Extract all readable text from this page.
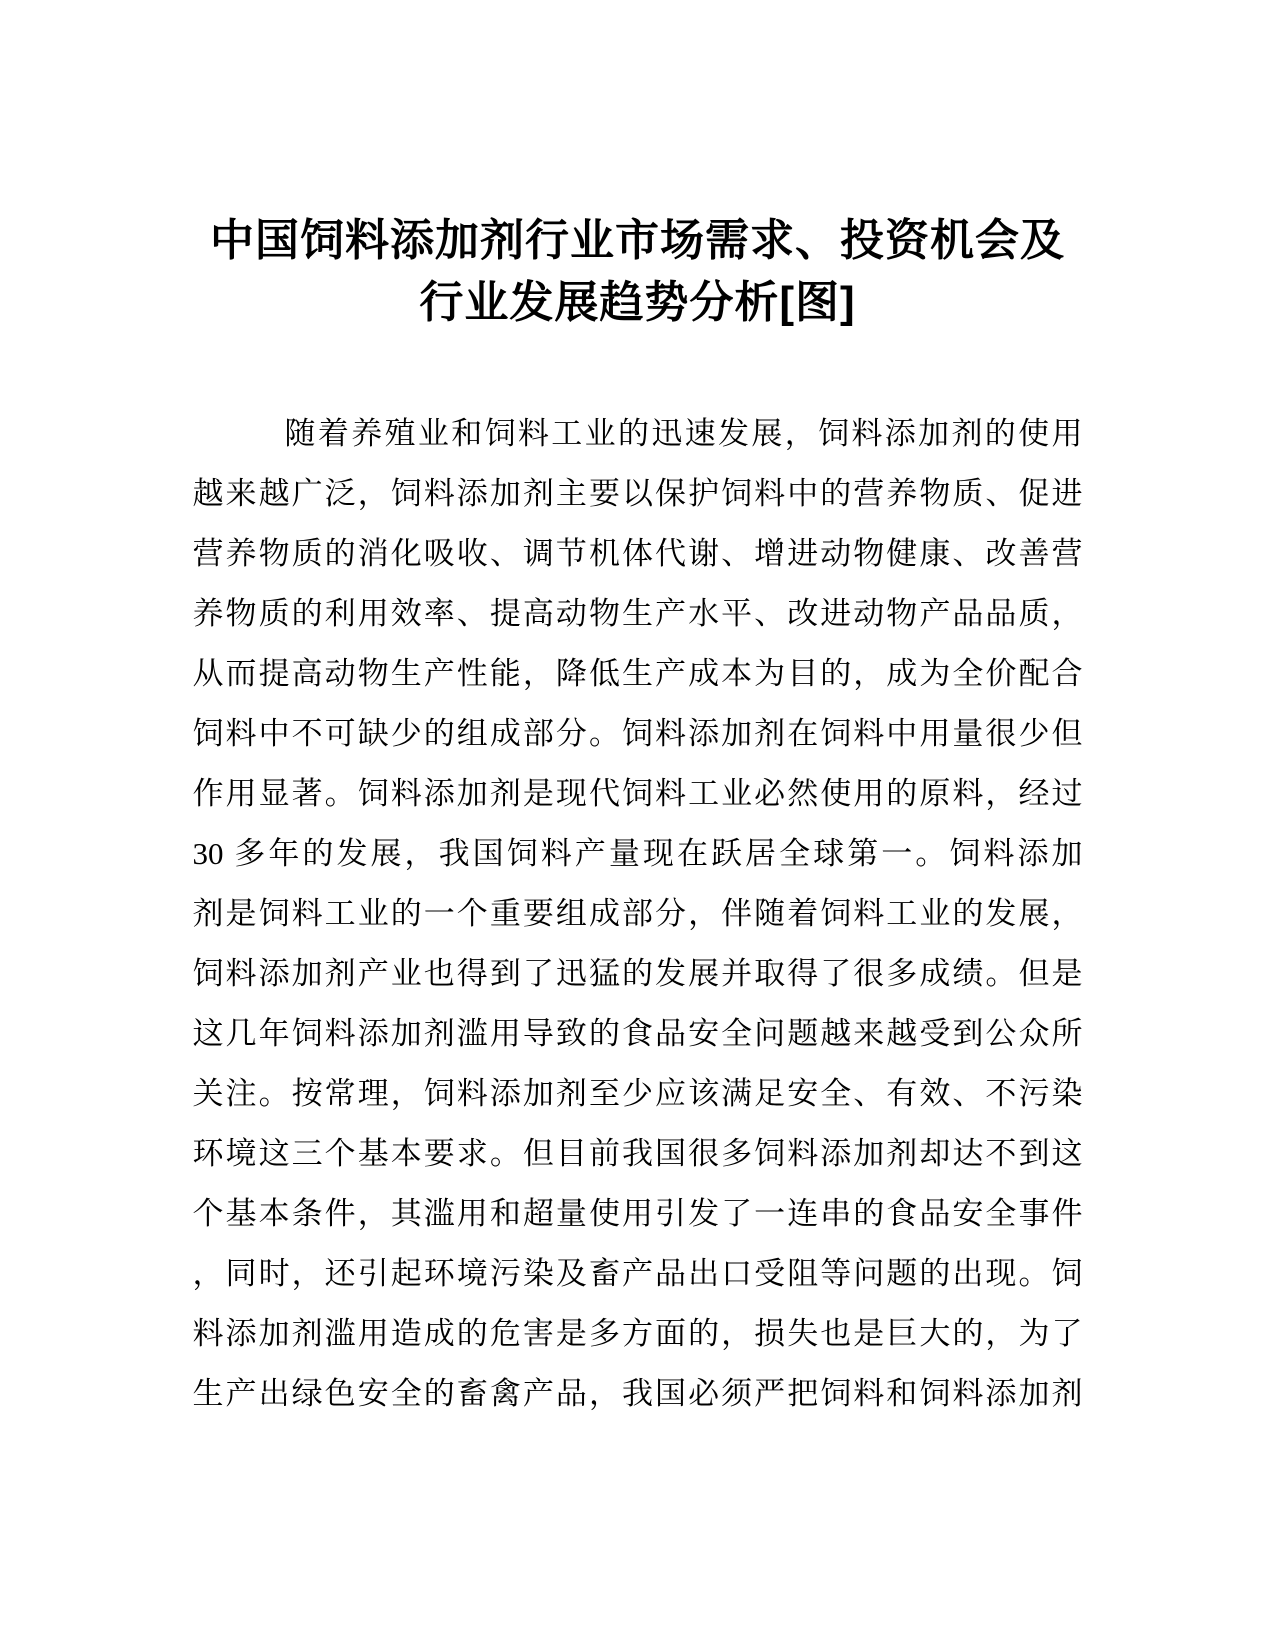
中国饲料添加剂行业市场需求、投资机会及
行业发展趋势分析[图]
随着养殖业和饲料工业的迅速发展，饲料添加剂的使用
越来越广泛，饲料添加剂主要以保护饲料中的营养物质、促进
营养物质的消化吸收、调节机体代谢、增进动物健康、改善营
养物质的利用效率、提高动物生产水平、改进动物产品品质，
从而提高动物生产性能，降低生产成本为目的，成为全价配合
饲料中不可缺少的组成部分。饲料添加剂在饲料中用量很少但
作用显著。饲料添加剂是现代饲料工业必然使用的原料，经过
30 多年的发展，我国饲料产量现在跃居全球第一。饲料添加
剂是饲料工业的一个重要组成部分，伴随着饲料工业的发展，
饲料添加剂产业也得到了迅猛的发展并取得了很多成绩。但是
这几年饲料添加剂滥用导致的食品安全问题越来越受到公众所
关注。按常理，饲料添加剂至少应该满足安全、有效、不污染
环境这三个基本要求。但目前我国很多饲料添加剂却达不到这
个基本条件，其滥用和超量使用引发了一连串的食品安全事件
，同时，还引起环境污染及畜产品出口受阻等问题的出现。饲
料添加剂滥用造成的危害是多方面的，损失也是巨大的，为了
生产出绿色安全的畜禽产品，我国必须严把饲料和饲料添加剂
